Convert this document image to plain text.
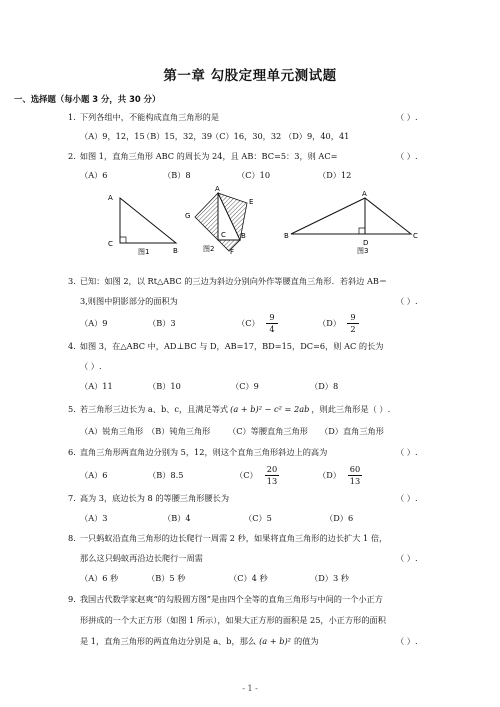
第一章 勾股定理单元测试题
一、选择题（每小题 3 分，共 30 分）
1. 下列各组中，不能构成直角三角形的是	（ ）.
（A）9，12，15
（B）15，32，39
（C）16，30，32 （D）9，40，41
2. 如图 1，直角三角形 ABC 的周长为 24，且 AB：BC=5：3，则 AC=	（ ）.
（A）6	（B）8	（C）10	（D）12
A
C
B
图1
A
G
E
C B
F
图2
A
B	C
D
图3
3. 已知：如图 2，以 Rt△ABC 的三边为斜边分别向外作等腰直角三角形．若斜边 AB＝
3,则图中阴影部分的面积为	（ ）.
（A）9	（B）3	（C）
9
4
（D）
9
2
4. 如图 3，在△ABC 中，AD⊥BC 与 D，AB=17，BD=15，DC=6，则 AC 的长为
（ ）.
（A）11	（B）10	（C）9	（D）8
5. 若三角形三边长为 a、b、c，且满足等式 (a + b)² − c² = 2ab ，则此三角形是（ ）.
（A）锐角三角形 （B）钝角三角形 （C）等腰直角三角形 （D）直角三角形
6. 直角三角形两直角边分别为 5，12，则这个直角三角形斜边上的高为	（ ）.
（A）6	（B）8.5	（C）
20
13
（D）
60
13
7. 高为 3，底边长为 8 的等腰三角形腰长为	（ ）.
（A）3	（B）4	（C）5	（D）6
8. 一只蚂蚁沿直角三角形的边长爬行一周需 2 秒，如果将直角三角形的边长扩大 1 倍，
那么这只蚂蚁再沿边长爬行一周需	（ ）.
（A）6 秒	（B）5 秒	（C）4 秒	（D）3 秒
9. 我国古代数学家赵爽“的勾股圆方图”是由四个全等的直角三角形与中间的一个小正方
形拼成的一个大正方形（如图 1 所示），如果大正方形的面积是 25，小正方形的面积
是 1，直角三角形的两直角边分别是 a、b，那么 (a + b)² 的值为	（ ）.
- 1 -
